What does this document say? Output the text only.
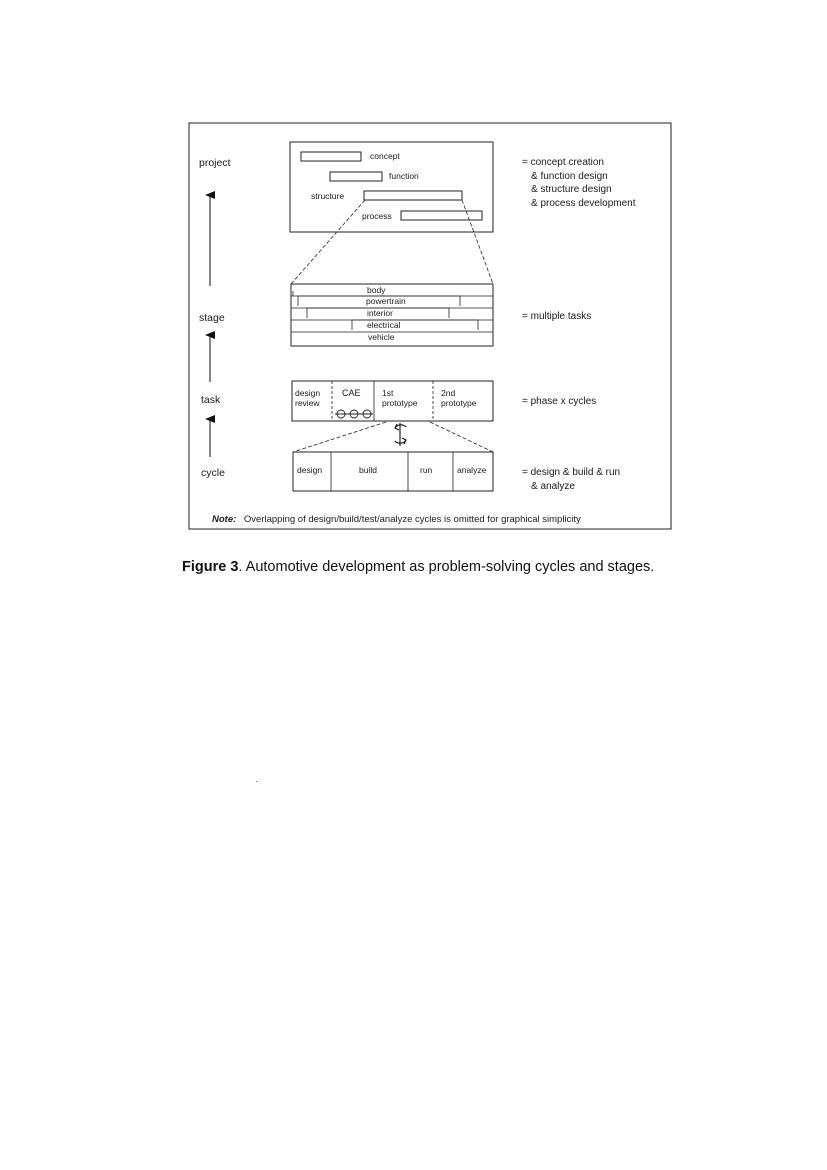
project
stage
task
cycle
concept
function
structure
process
body
powertrain
interior
electrical
vehicle
design
review
CAE	1st
prototype
2nd
prototype
design	build	run	analyze
= concept creation
& function design
& structure design
& process development
= multiple tasks
= phase x cycles
= design & build & run
& analyze
Note: Overlapping of design/build/test/analyze cycles is omitted for graphical simplicity
Figure 3. Automotive development as problem-solving cycles and stages.
